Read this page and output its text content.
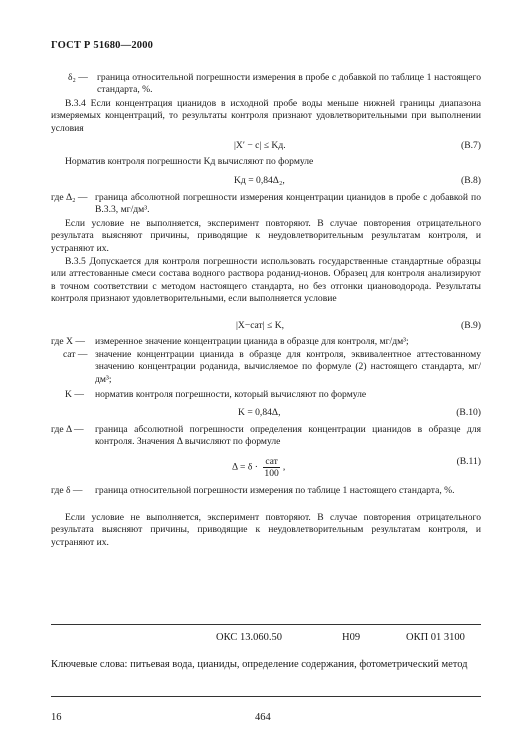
ГОСТ Р 51680—2000
δ₂ — граница относительной погрешности измерения в пробе с добавкой по таблице 1 настоящего стандарта, %.
В.3.4 Если концентрация цианидов в исходной пробе воды меньше нижней границы диапазона измеряемых концентраций, то результаты контроля признают удовлетворительными при выполнении условия
|X′ − c| ≤ Kд.	(В.7)
Норматив контроля погрешности Kд вычисляют по формуле
Kд = 0,84Δ₂,	(В.8)
где Δ₂ — граница абсолютной погрешности измерения концентрации цианидов в пробе с добавкой по В.3.3, мг/дм³.
Если условие не выполняется, эксперимент повторяют. В случае повторения отрицательного результата выясняют причины, приводящие к неудовлетворительным результатам контроля, и устраняют их.
В.3.5 Допускается для контроля погрешности использовать государственные стандартные образцы или аттестованные смеси состава водного раствора роданид-ионов. Образец для контроля анализируют в точном соответствии с методом настоящего стандарта, но без отгонки циановодорода. Результаты контроля признают удовлетворительными, если выполняется условие
|X−cат| ≤ K,	(В.9)
где X — измеренное значение концентрации цианида в образце для контроля, мг/дм³;
cат — значение концентрации цианида в образце для контроля, эквивалентное аттестованному значению концентрации роданида, вычисляемое по формуле (2) настоящего стандарта, мг/дм³;
K — норматив контроля погрешности, который вычисляют по формуле
K = 0,84Δ,	(В.10)
где Δ — граница абсолютной погрешности определения концентрации цианидов в образце для контроля. Значения Δ вычисляют по формуле
$\Delta = \delta \cdot \frac{\text{cат}}{100}$ ,
(В.11)
где δ — граница относительной погрешности измерения по таблице 1 настоящего стандарта, %.
Если условие не выполняется, эксперимент повторяют. В случае повторения отрицательного результата выясняют причины, приводящие к неудовлетворительным результатам контроля, и устраняют их.
ОКС 13.060.50	Н09	ОКП 01 3100
Ключевые слова: питьевая вода, цианиды, определение содержания, фотометрический метод
16	464
